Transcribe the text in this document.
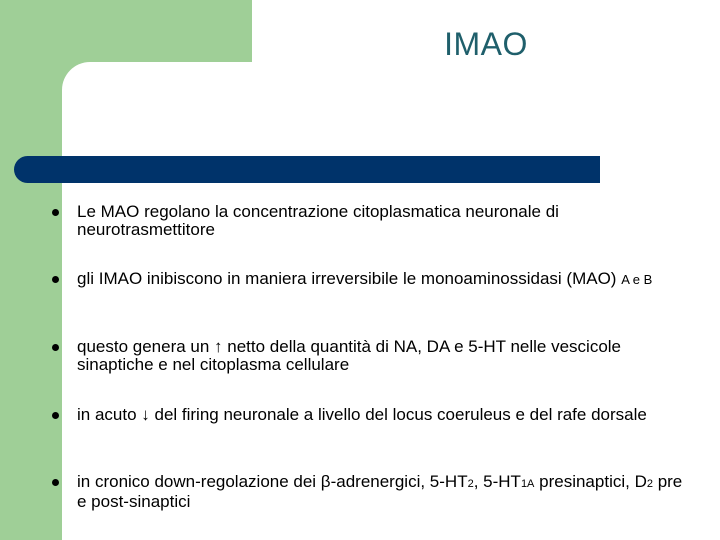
IMAO
Le MAO regolano la concentrazione citoplasmatica neuronale di neurotrasmettitore
gli IMAO inibiscono in maniera irreversibile le monoaminossidasi (MAO) A e B
questo genera un ↑ netto della quantità di NA, DA e 5-HT nelle vescicole sinaptiche e nel citoplasma cellulare
in acuto ↓ del firing neuronale a livello del locus coeruleus e del rafe dorsale
in cronico down-regolazione dei β-adrenergici, 5-HT2, 5-HT1A presinaptici, D2 pre e post-sinaptici
